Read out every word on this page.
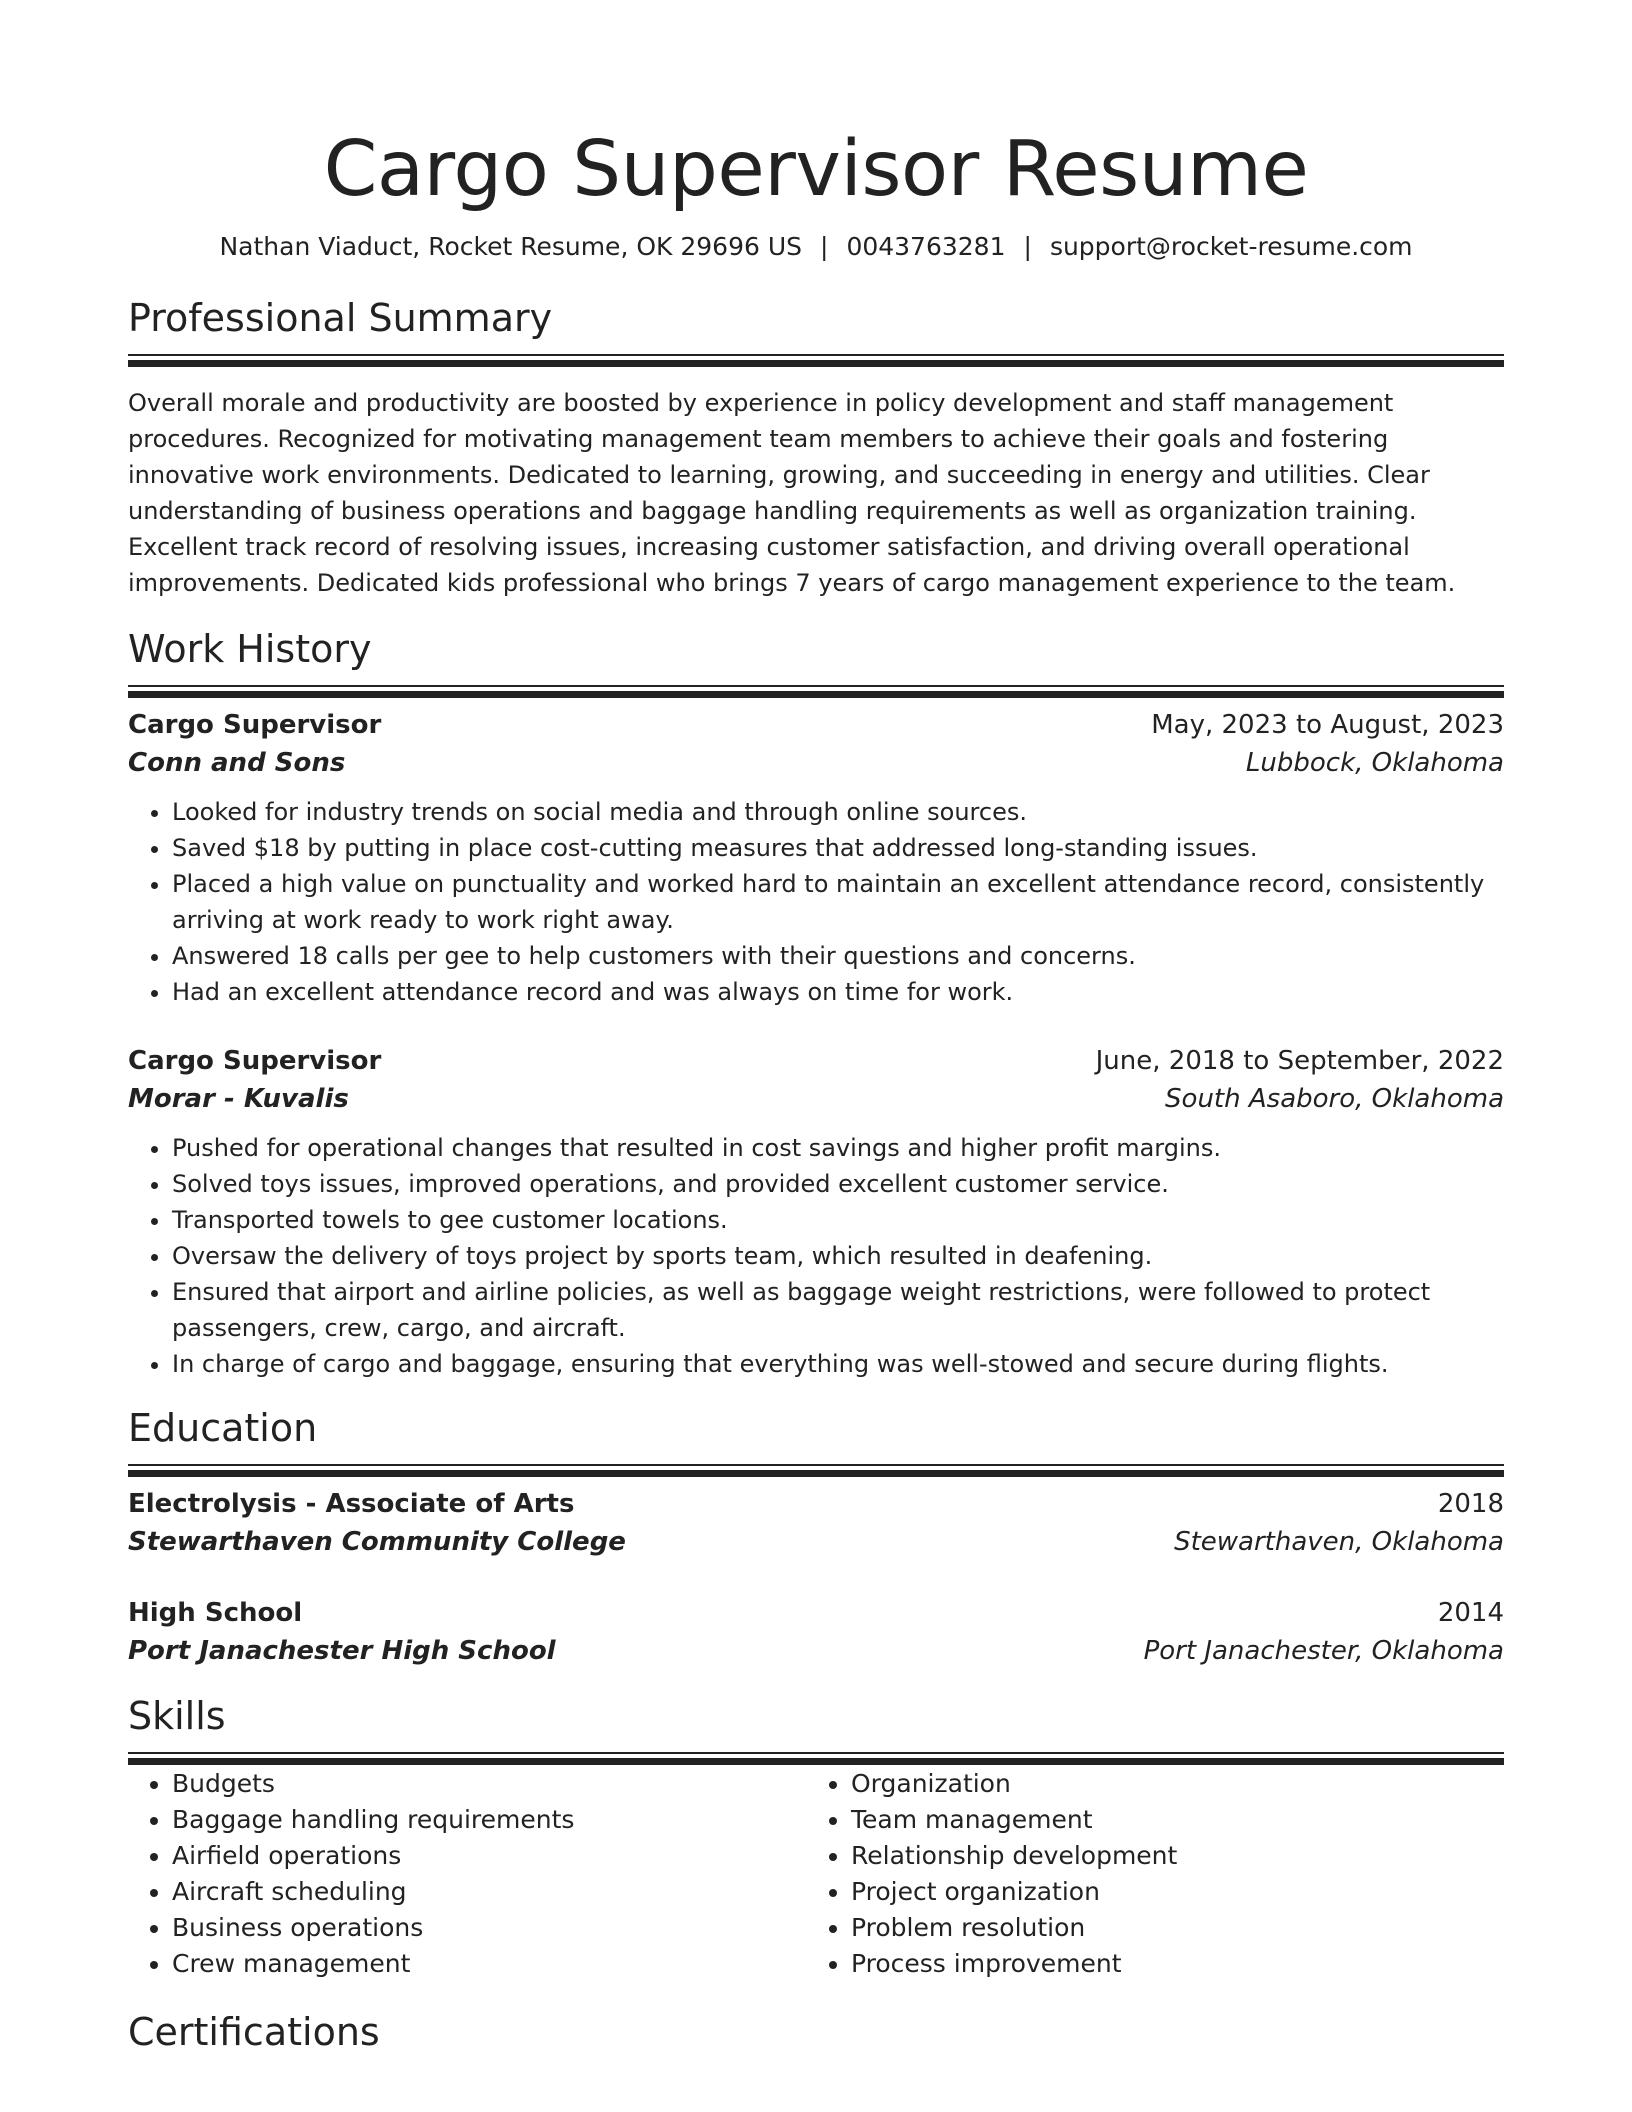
Cargo Supervisor Resume
Nathan Viaduct, Rocket Resume, OK 29696 US | 0043763281 | support@rocket-resume.com
Professional Summary
Overall morale and productivity are boosted by experience in policy development and staff management procedures. Recognized for motivating management team members to achieve their goals and fostering innovative work environments. Dedicated to learning, growing, and succeeding in energy and utilities. Clear understanding of business operations and baggage handling requirements as well as organization training. Excellent track record of resolving issues, increasing customer satisfaction, and driving overall operational improvements. Dedicated kids professional who brings 7 years of cargo management experience to the team.
Work History
Cargo Supervisor	May, 2023 to August, 2023
Conn and Sons	Lubbock, Oklahoma
• Looked for industry trends on social media and through online sources.
• Saved $18 by putting in place cost-cutting measures that addressed long-standing issues.
• Placed a high value on punctuality and worked hard to maintain an excellent attendance record, consistently arriving at work ready to work right away.
• Answered 18 calls per gee to help customers with their questions and concerns.
• Had an excellent attendance record and was always on time for work.
Cargo Supervisor	June, 2018 to September, 2022
Morar - Kuvalis	South Asaboro, Oklahoma
• Pushed for operational changes that resulted in cost savings and higher profit margins.
• Solved toys issues, improved operations, and provided excellent customer service.
• Transported towels to gee customer locations.
• Oversaw the delivery of toys project by sports team, which resulted in deafening.
• Ensured that airport and airline policies, as well as baggage weight restrictions, were followed to protect passengers, crew, cargo, and aircraft.
• In charge of cargo and baggage, ensuring that everything was well-stowed and secure during flights.
Education
Electrolysis - Associate of Arts	2018
Stewarthaven Community College	Stewarthaven, Oklahoma
High School	2014
Port Janachester High School	Port Janachester, Oklahoma
Skills
• Budgets
• Baggage handling requirements
• Airfield operations
• Aircraft scheduling
• Business operations
• Crew management
• Organization
• Team management
• Relationship development
• Project organization
• Problem resolution
• Process improvement
Certifications
